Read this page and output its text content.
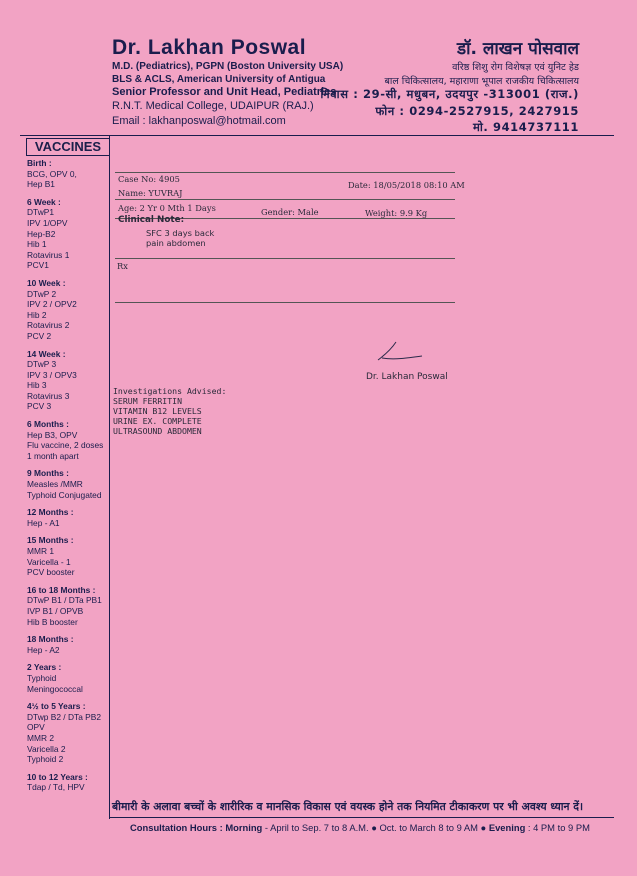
Dr. Lakhan Poswal
M.D. (Pediatrics), PGPN (Boston University USA)
BLS & ACLS, American University of Antigua
Senior Professor and Unit Head, Pediatrics
R.N.T. Medical College, UDAIPUR (RAJ.)
Email : lakhanposwal@hotmail.com
डॉ. लाखन पोसवाल
वरिष्ठ शिशु रोग विशेषज्ञ एवं युनिट हेड
बाल चिकित्सालय, महाराणा भूपाल राजकीय चिकित्सालय
निवास : 29-सी, मधुबन, उदयपुर -313001 (राज.)
फोन : 0294-2527915, 2427915
मो. 9414737111
VACCINES
Birth :
BCG, OPV 0,
Hep B1
6 Week :
DTwP1
IPV 1/OPV
Hep-B2
Hib 1
Rotavirus 1
PCV1
10 Week :
DTwP 2
IPV 2 / OPV2
Hib 2
Rotavirus 2
PCV 2
14 Week :
DTwP 3
IPV 3 / OPV3
Hib 3
Rotavirus 3
PCV 3
6 Months :
Hep B3, OPV
Flu vaccine, 2 doses
1 month apart
9 Months :
Measles /MMR
Typhoid Conjugated
12 Months :
Hep - A1
15 Months :
MMR 1
Varicella - 1
PCV booster
16 to 18 Months :
DTwP B1 / DTa PB1
IVP B1 / OPVB
Hib B booster
18 Months :
Hep - A2
2 Years :
Typhoid
Meningococcal
4½ to 5 Years :
DTwp B2 / DTa PB2
OPV
MMR 2
Varicella 2
Typhoid 2
10 to 12 Years :
Tdap / Td, HPV
Case No: 4905
Date: 18/05/2018 08:10 AM
Name: YUVRAJ
Age: 2 Yr 0 Mth 1 Days	Gender: Male	Weight: 9.9 Kg
Clinical Note:
SFC 3 days back
pain abdomen
Rx
Dr. Lakhan Poswal
Investigations Advised:
SERUM FERRITIN
VITAMIN B12 LEVELS
URINE EX. COMPLETE
ULTRASOUND ABDOMEN
बीमारी के अलावा बच्चों के शारीरिक व मानसिक विकास एवं वयस्क होने तक नियमित टीकाकरण पर भी अवश्य ध्यान दें।
Consultation Hours : Morning - April to Sep. 7 to 8 A.M. ● Oct. to March 8 to 9 AM ● Evening : 4 PM to 9 PM
